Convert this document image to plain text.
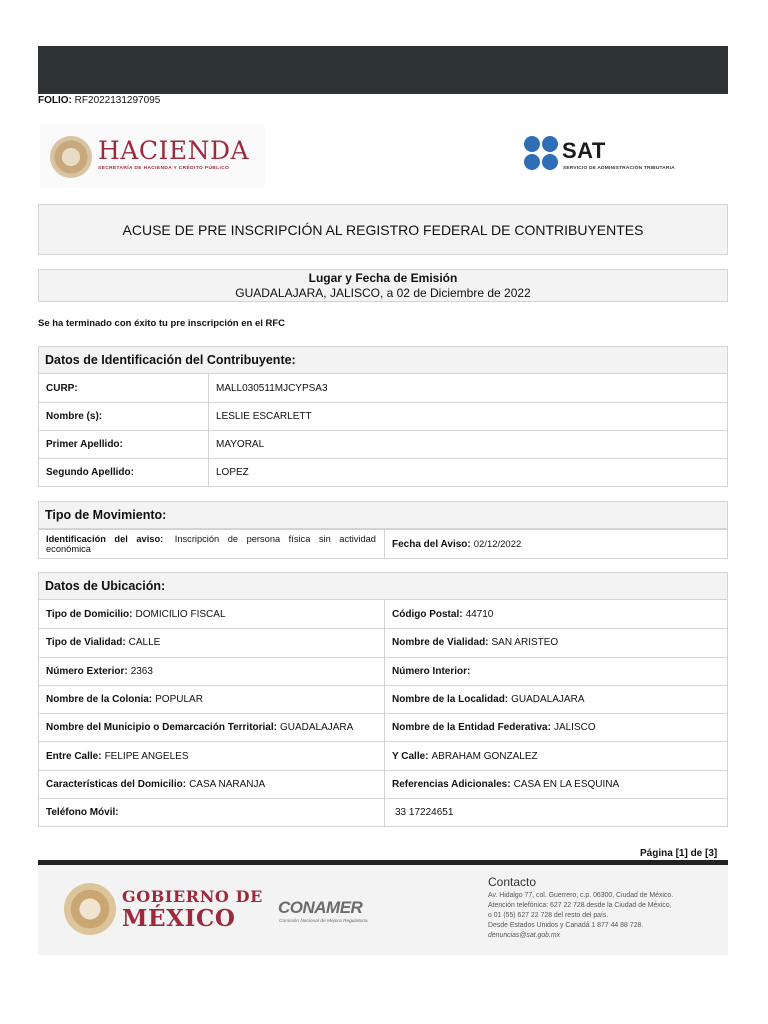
FOLIO: RF2022131297095
HACIENDA
SECRETARÍA DE HACIENDA Y CRÉDITO PÚBLICO
SAT
SERVICIO DE ADMINISTRACIÓN TRIBUTARIA
ACUSE DE PRE INSCRIPCIÓN AL REGISTRO FEDERAL DE CONTRIBUYENTES
Lugar y Fecha de Emisión
GUADALAJARA, JALISCO, a 02 de Diciembre de 2022
Se ha terminado con éxito tu pre inscripción en el RFC
Datos de Identificación del Contribuyente:
CURP:	MALL030511MJCYPSA3
Nombre (s):	LESLIE ESCARLETT
Primer Apellido:	MAYORAL
Segundo Apellido:	LOPEZ
Tipo de Movimiento:
Identificación del aviso: Inscripción de persona física sin actividad económica	Fecha del Aviso: 02/12/2022
Datos de Ubicación:
Tipo de Domicilio: DOMICILIO FISCAL	Código Postal: 44710
Tipo de Vialidad: CALLE	Nombre de Vialidad: SAN ARISTEO
Número Exterior: 2363	Número Interior:
Nombre de la Colonia: POPULAR	Nombre de la Localidad: GUADALAJARA
Nombre del Municipio o Demarcación Territorial: GUADALAJARA	Nombre de la Entidad Federativa: JALISCO
Entre Calle: FELIPE ANGELES	Y Calle: ABRAHAM GONZALEZ
Características del Domicilio: CASA NARANJA	Referencias Adicionales: CASA EN LA ESQUINA
Teléfono Móvil:	33 17224651
Página [1] de [3]
GOBIERNO DE
MÉXICO CONAMER
Comisión Nacional de Mejora Regulatoria
Contacto
Av. Hidalgo 77, col. Guerrero, c.p. 06300, Ciudad de México.
Atención telefónica: 627 22 728 desde la Ciudad de México,
o 01 (55) 627 22 728 del resto del país.
Desde Estados Unidos y Canadá 1 877 44 88 728.
denuncias@sat.gob.mx
